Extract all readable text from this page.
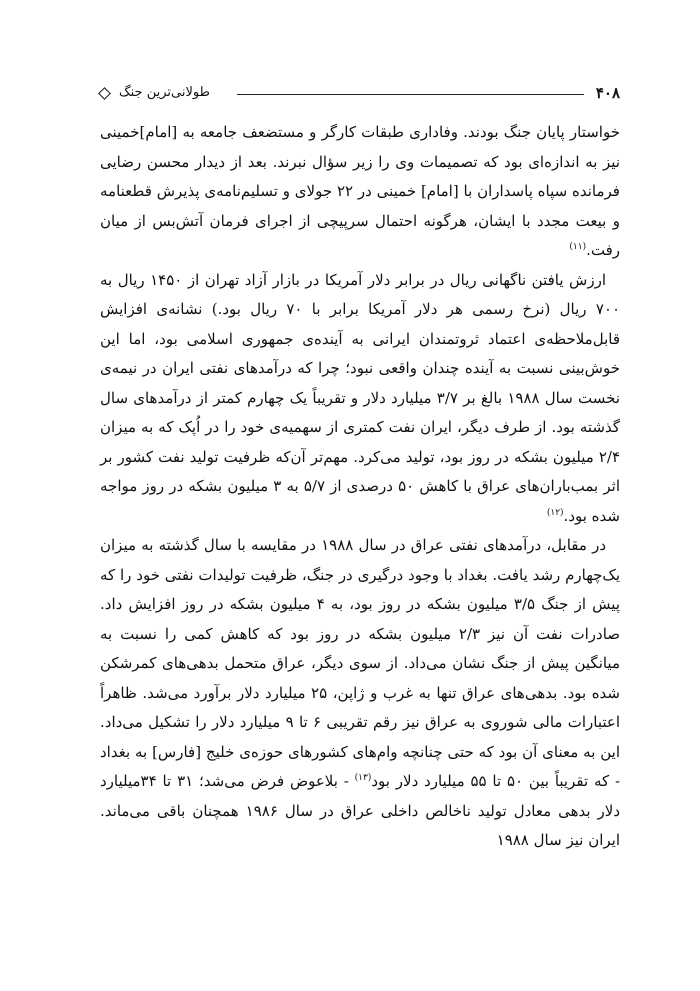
۴۰۸
طولانی‌ترین جنگ

خواستار پایان جنگ بودند. وفاداری طبقات کارگر و مستضعف جامعه به [امام]خمینی نیز به اندازه‌ای بود که تصمیمات وی را زیر سؤال نبرند. بعد از دیدار محسن رضایی فرمانده سپاه پاسداران با [امام] خمینی در ۲۲ جولای و تسلیم‌نامه‌ی پذیرش قطعنامه و بیعت مجدد با ایشان، هرگونه احتمال سرپیچی از اجرای فرمان آتش‌بس از میان رفت.$^{(۱۱)}$

ارزش یافتن ناگهانی ریال در برابر دلار آمریکا در بازار آزاد تهران از ۱۴۵۰ ریال به ۷۰۰ ریال (نرخ رسمی هر دلار آمریکا برابر با ۷۰ ریال بود.) نشانه‌ی افزایش قابل‌ملاحظه‌ی اعتماد ثروتمندان ایرانی به آینده‌ی جمهوری اسلامی بود، اما این خوش‌بینی نسبت به آینده چندان واقعی نبود؛ چرا که درآمدهای نفتی ایران در نیمه‌ی نخست سال ۱۹۸۸ بالغ بر ۳/۷ میلیارد دلار و تقریباً یک چهارم کمتر از درآمدهای سال گذشته بود. از طرف دیگر، ایران نفت کمتری از سهمیه‌ی خود را در اُپک که به میزان ۲/۴ میلیون بشکه در روز بود، تولید می‌کرد. مهم‌تر آن‌که ظرفیت تولید نفت کشور بر اثر بمب‌باران‌های عراق با کاهش ۵۰ درصدی از ۵/۷ به ۳ میلیون بشکه در روز مواجه شده بود.$^{(۱۲)}$

در مقابل، درآمدهای نفتی عراق در سال ۱۹۸۸ در مقایسه با سال گذشته به میزان یک‌چهارم رشد یافت. بغداد با وجود درگیری در جنگ، ظرفیت تولیدات نفتی خود را که پیش از جنگ ۳/۵ میلیون بشکه در روز بود، به ۴ میلیون بشکه در روز افزایش داد. صادرات نفت آن نیز ۲/۳ میلیون بشکه در روز بود که کاهش کمی را نسبت به میانگین پیش از جنگ نشان می‌داد. از سوی دیگر، عراق متحمل بدهی‌های کمرشکن شده بود. بدهی‌های عراق تنها به غرب و ژاپن، ۲۵ میلیارد دلار برآورد می‌شد. ظاهراً اعتبارات مالی شوروی به عراق نیز رقم تقریبی ۶ تا ۹ میلیارد دلار را تشکیل می‌داد. این به معنای آن بود که حتی چنانچه وام‌های کشورهای حوزه‌ی خلیج [فارس] به بغداد - که تقریباً بین ۵۰ تا ۵۵ میلیارد دلار بود$^{(۱۳)}$ - بلاعوض فرض می‌شد؛ ۳۱ تا ۳۴میلیارد دلار بدهی معادل تولید ناخالص داخلی عراق در سال ۱۹۸۶ همچنان باقی می‌ماند. ایران نیز سال ۱۹۸۸
